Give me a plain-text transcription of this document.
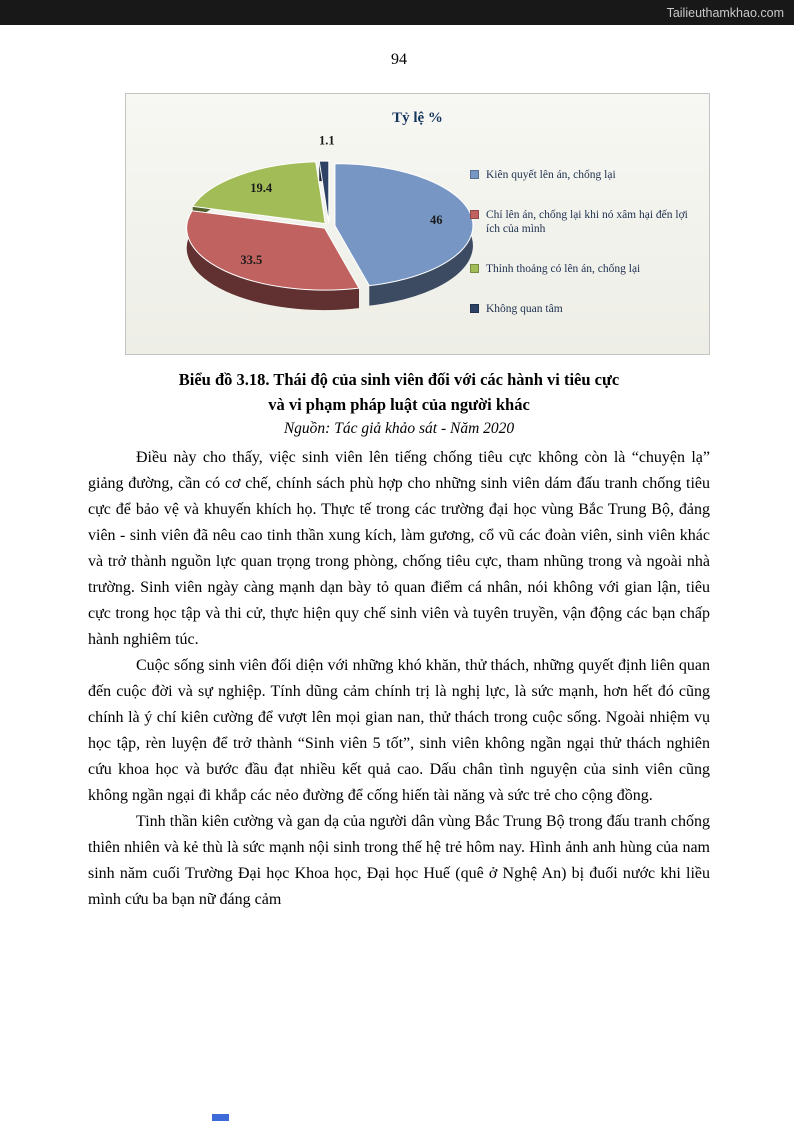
Tailieuthamkhao.com
94
Tỷ lệ %
46
33.5
19.4
1.1
Kiên quyết lên án, chống lại
Chỉ lên án, chống lại khi nó xâm hại đến lợi ích của mình
Thỉnh thoảng có lên án, chống lại
Không quan tâm
Biểu đồ 3.18. Thái độ của sinh viên đối với các hành vi tiêu cực
và vi phạm pháp luật của người khác
Nguồn: Tác giả khảo sát - Năm 2020

Điều này cho thấy, việc sinh viên lên tiếng chống tiêu cực không còn là “chuyện lạ” giảng đường, cần có cơ chế, chính sách phù hợp cho những sinh viên dám đấu tranh chống tiêu cực để bảo vệ và khuyến khích họ. Thực tế trong các trường đại học vùng Bắc Trung Bộ, đảng viên - sinh viên đã nêu cao tinh thần xung kích, làm gương, cổ vũ các đoàn viên, sinh viên khác và trở thành nguồn lực quan trọng trong phòng, chống tiêu cực, tham nhũng trong và ngoài nhà trường. Sinh viên ngày càng mạnh dạn bày tỏ quan điểm cá nhân, nói không với gian lận, tiêu cực trong học tập và thi cử, thực hiện quy chế sinh viên và tuyên truyền, vận động các bạn chấp hành nghiêm túc.

Cuộc sống sinh viên đối diện với những khó khăn, thử thách, những quyết định liên quan đến cuộc đời và sự nghiệp. Tính dũng cảm chính trị là nghị lực, là sức mạnh, hơn hết đó cũng chính là ý chí kiên cường để vượt lên mọi gian nan, thử thách trong cuộc sống. Ngoài nhiệm vụ học tập, rèn luyện để trở thành “Sinh viên 5 tốt”, sinh viên không ngần ngại thử thách nghiên cứu khoa học và bước đầu đạt nhiều kết quả cao. Dấu chân tình nguyện của sinh viên cũng không ngần ngại đi khắp các nẻo đường để cống hiến tài năng và sức trẻ cho cộng đồng.

Tinh thần kiên cường và gan dạ của người dân vùng Bắc Trung Bộ trong đấu tranh chống thiên nhiên và kẻ thù là sức mạnh nội sinh trong thế hệ trẻ hôm nay. Hình ảnh anh hùng của nam sinh năm cuối Trường Đại học Khoa học, Đại học Huế (quê ở Nghệ An) bị đuối nước khi liều mình cứu ba bạn nữ đáng cảm
